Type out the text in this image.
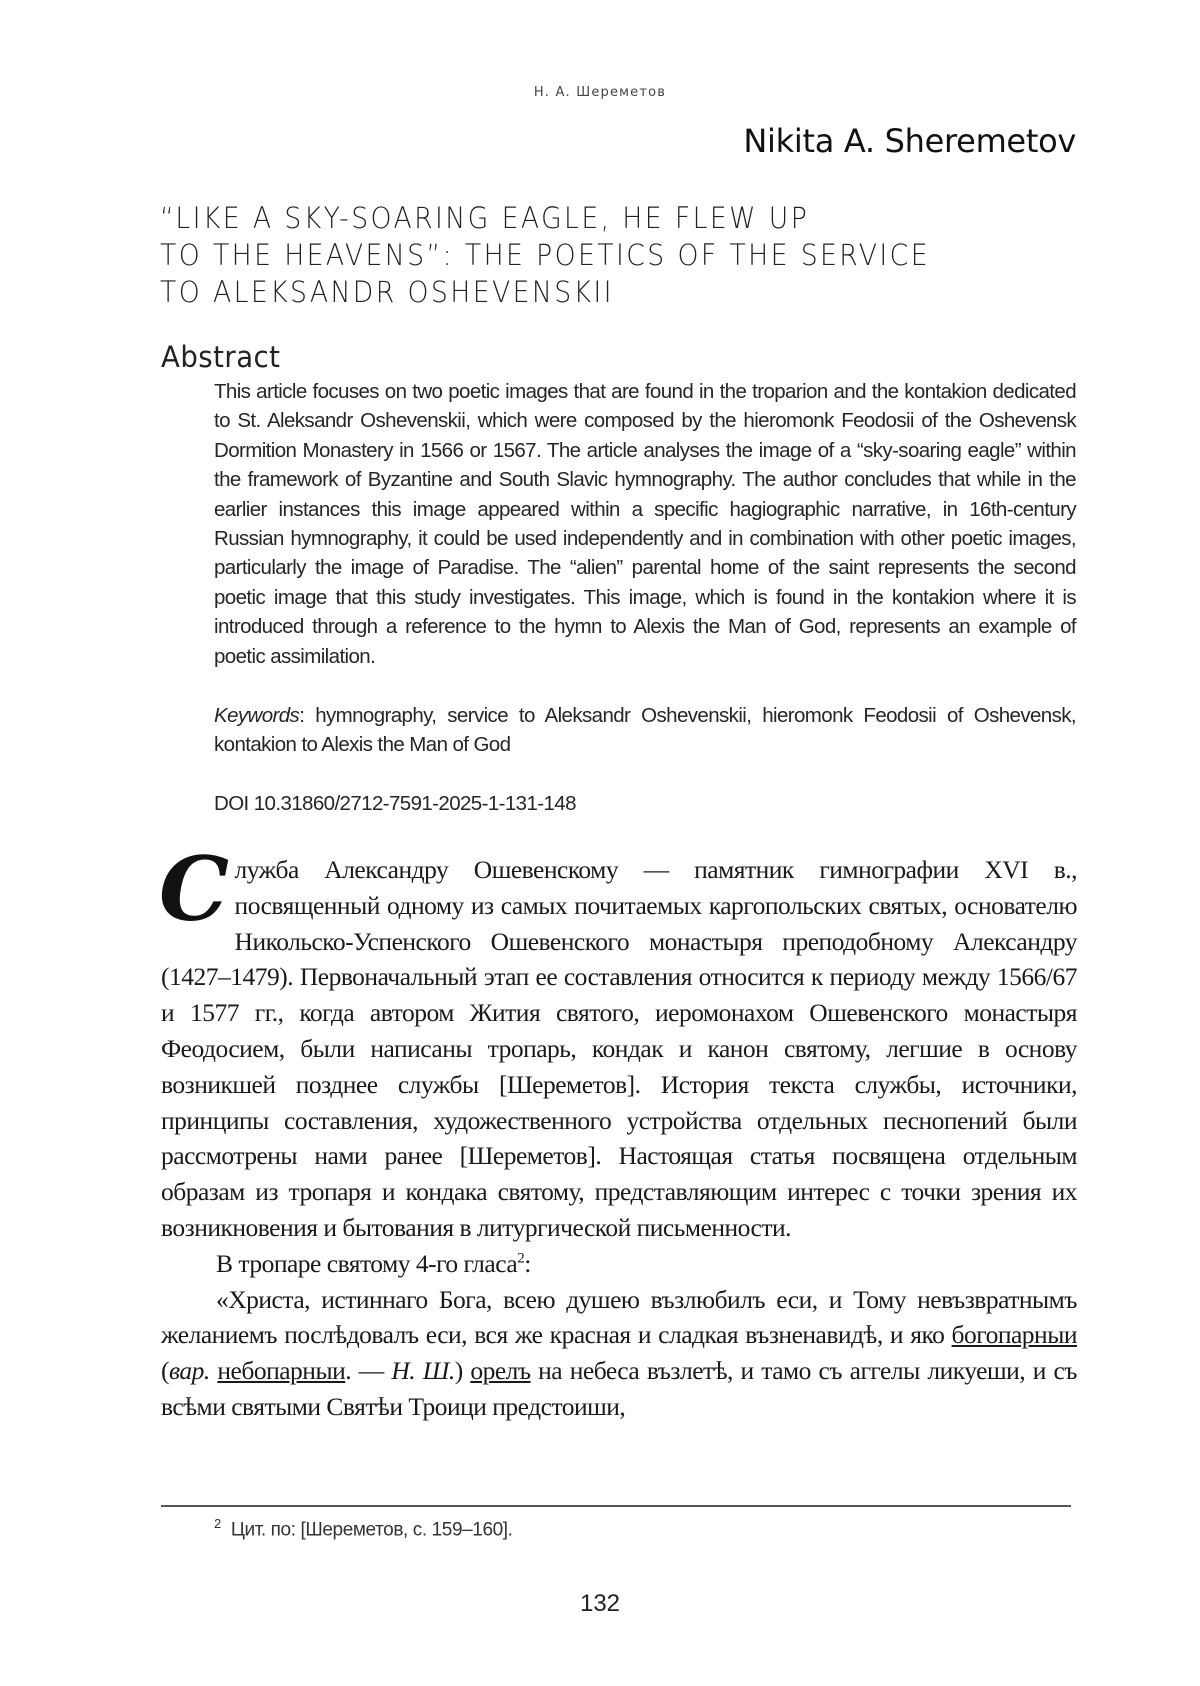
Н. А. Шереметов
Nikita A. Sheremetov
“LIKE A SKY-SOARING EAGLE, HE FLEW UP
TO THE HEAVENS”: THE POETICS OF THE SERVICE
TO ALEKSANDR OSHEVENSKII
Abstract

This article focuses on two poetic images that are found in the troparion and the kontakion dedicated to St. Aleksandr Oshevenskii, which were composed by the hieromonk Feodosii of the Oshevensk Dormition Monastery in 1566 or 1567. The article analyses the image of a “sky-soaring eagle” within the framework of Byzantine and South Slavic hymnography. The author concludes that while in the earlier instances this image appeared within a specific hagiographic narrative, in 16th-century Russian hymnography, it could be used independently and in combination with other poetic images, particularly the image of Paradise. The “alien” parental home of the saint represents the second poetic image that this study investigates. This image, which is found in the kontakion where it is introduced through a reference to the hymn to Alexis the Man of God, represents an example of poetic assimilation.

Keywords: hymnography, service to Aleksandr Oshevenskii, hieromonk Feodosii of Oshevensk, kontakion to Alexis the Man of God

DOI 10.31860/2712-7591-2025-1-131-148

Служба Александру Ошевенскому — памятник гимнографии XVI в., посвященный одному из самых почитаемых каргопольских святых, основателю Никольско-Успенского Ошевенского монастыря преподобному Александру (1427–1479). Первоначальный этап ее составления относится к периоду между 1566/67 и 1577 гг., когда автором Жития святого, иеромонахом Ошевенского монастыря Феодосием, были написаны тропарь, кондак и канон святому, легшие в основу возникшей позднее службы [Шереметов]. История текста службы, источники, принципы составления, художественного устройства отдельных песнопений были рассмотрены нами ранее [Шереметов]. Настоящая статья посвящена отдельным образам из тропаря и кондака святому, представляющим интерес с точки зрения их возникновения и бытования в литургической письменности.

В тропаре святому 4-го гласа$^2$:

«Христа, истиннаго Бога, всею душею възлюбилъ еси, и Тому невъзвратнымъ желаниемъ послѣдовалъ еси, вся же красная и сладкая възненавидѣ, и яко богопарныи (вар. небопарныи. — Н. Ш.) орелъ на небеса възлетѣ, и тамо съ аггелы ликуеши, и съ всѣми святыми Святѣи Троици предстоиши,

$^2$ Цит. по: [Шереметов, с. 159–160].
132
